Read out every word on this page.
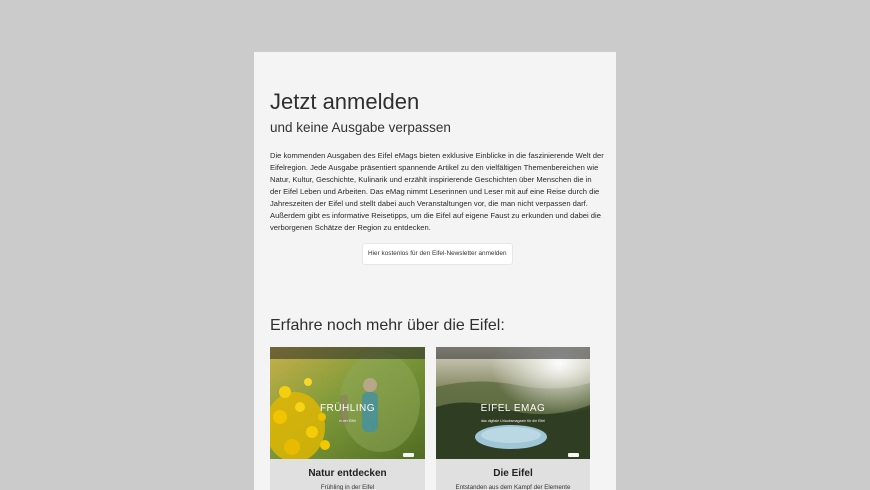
Jetzt anmelden
und keine Ausgabe verpassen

Die kommenden Ausgaben des Eifel eMags bieten exklusive Einblicke in die faszinierende Welt der Eifelregion. Jede Ausgabe präsentiert spannende Artikel zu den vielfältigen Themenbereichen wie Natur, Kultur, Geschichte, Kulinarik und erzählt inspirierende Geschichten über Menschen die in der Eifel Leben und Arbeiten. Das eMag nimmt Leserinnen und Leser mit auf eine Reise durch die Jahreszeiten der Eifel und stellt dabei auch Veranstaltungen vor, die man nicht verpassen darf. Außerdem gibt es informative Reisetipps, um die Eifel auf eigene Faust zu erkunden und dabei die verborgenen Schätze der Region zu entdecken.

Hier kostenlos für den Eifel-Newsletter anmelden
Erfahre noch mehr über die Eifel:
FRÜHLING
in der Eifel
Natur entdecken
Frühling in der Eifel
EIFEL EMAG
das digitale Urlaubsmagazin für die Eifel
Die Eifel
Entstanden aus dem Kampf der Elemente
